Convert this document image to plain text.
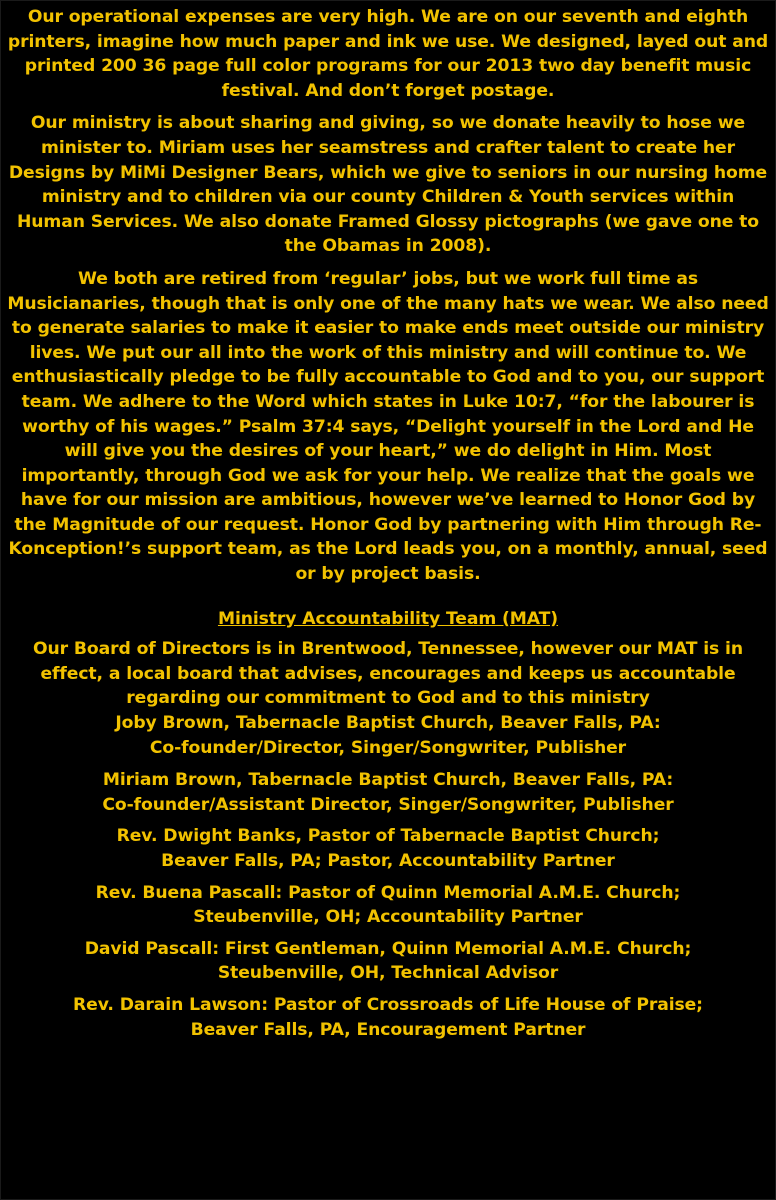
Our operational expenses are very high. We are on our seventh and eighth printers, imagine how much paper and ink we use. We designed, layed out and printed 200 36 page full color programs for our 2013 two day benefit music festival. And don’t forget postage.

Our ministry is about sharing and giving, so we donate heavily to hose we minister to. Miriam uses her seamstress and crafter talent to create her Designs by MiMi Designer Bears, which we give to seniors in our nursing home ministry and to children via our county Children & Youth services within Human Services. We also donate Framed Glossy pictographs (we gave one to the Obamas in 2008).

We both are retired from ‘regular’ jobs, but we work full time as Musicianaries, though that is only one of the many hats we wear. We also need to generate salaries to make it easier to make ends meet outside our ministry lives. We put our all into the work of this ministry and will continue to. We enthusiastically pledge to be fully accountable to God and to you, our support team. We adhere to the Word which states in Luke 10:7, “for the labourer is worthy of his wages.” Psalm 37:4 says, “Delight yourself in the Lord and He will give you the desires of your heart,” we do delight in Him. Most importantly, through God we ask for your help. We realize that the goals we have for our mission are ambitious, however we’ve learned to Honor God by the Magnitude of our request. Honor God by partnering with Him through Re-Konception!’s support team, as the Lord leads you, on a monthly, annual, seed or by project basis.

Ministry Accountability Team (MAT)

Our Board of Directors is in Brentwood, Tennessee, however our MAT is in effect, a local board that advises, encourages and keeps us accountable regarding our commitment to God and to this ministry
Joby Brown, Tabernacle Baptist Church, Beaver Falls, PA:
Co-founder/Director, Singer/Songwriter, Publisher

Miriam Brown, Tabernacle Baptist Church, Beaver Falls, PA:
Co-founder/Assistant Director, Singer/Songwriter, Publisher
Rev. Dwight Banks, Pastor of Tabernacle Baptist Church;
Beaver Falls, PA; Pastor, Accountability Partner
Rev. Buena Pascall: Pastor of Quinn Memorial A.M.E. Church;
Steubenville, OH; Accountability Partner
David Pascall: First Gentleman, Quinn Memorial A.M.E. Church;
Steubenville, OH, Technical Advisor
Rev. Darain Lawson: Pastor of Crossroads of Life House of Praise;
Beaver Falls, PA, Encouragement Partner
